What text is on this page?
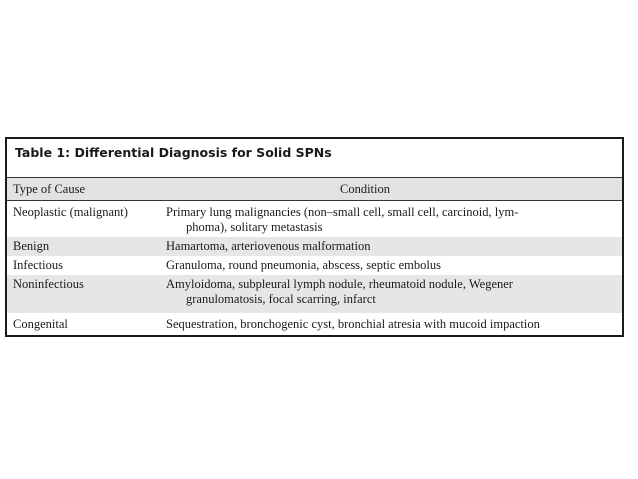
Table 1: Differential Diagnosis for Solid SPNs
Type of Cause	Condition
Neoplastic (malignant)	Primary lung malignancies (non–small cell, small cell, carcinoid, lym-
phoma), solitary metastasis
Benign	Hamartoma, arteriovenous malformation
Infectious	Granuloma, round pneumonia, abscess, septic embolus
Noninfectious	Amyloidoma, subpleural lymph nodule, rheumatoid nodule, Wegener
granulomatosis, focal scarring, infarct
Congenital	Sequestration, bronchogenic cyst, bronchial atresia with mucoid impaction
